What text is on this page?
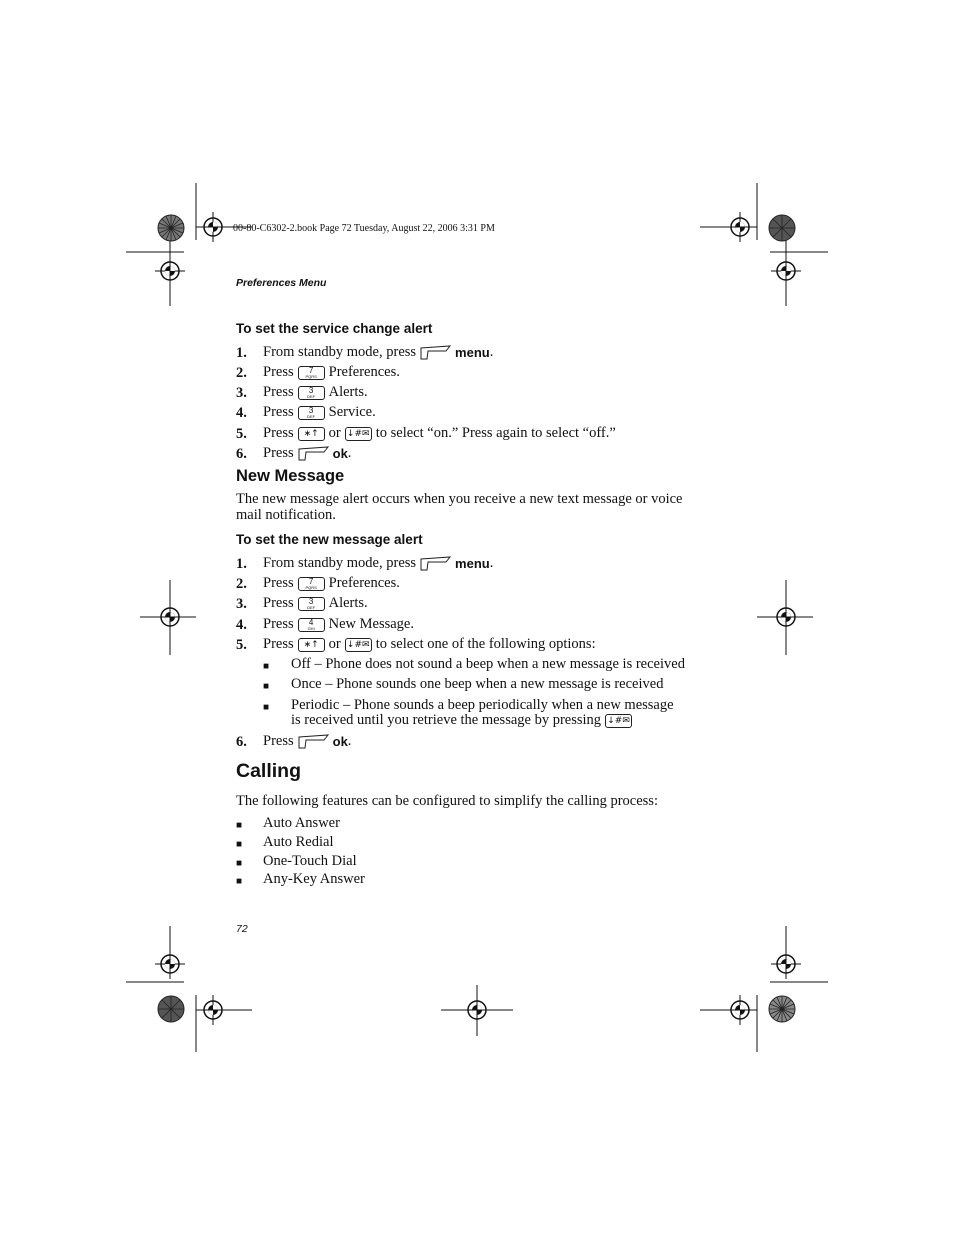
00-80-C6302-2.book Page 72 Tuesday, August 22, 2006 3:31 PM
Preferences Menu
To set the service change alert
1. From standby mode, press	menu .
2. Press	7
PQRS Preferences.
3. Press	3
DEF Alerts.
4. Press	3
DEF Service.
5. Press	∗↑ or ↓#✉ to select “on.” Press again to select “off.”
6. Press	ok .
New Message
The new message alert occurs when you receive a new text message or voice
mail notification.
To set the new message alert
1. From standby mode, press	menu .
2. Press	7
PQRS Preferences.
3. Press	3
DEF Alerts.
4. Press	4
GHI New Message.
5. Press	∗↑ or ↓#✉ to select one of the following options:
■ Off – Phone does not sound a beep when a new message is received
■ Once – Phone sounds one beep when a new message is received
■ Periodic – Phone sounds a beep periodically when a new message
is received until you retrieve the message by pressing ↓#✉
6. Press	ok .
Calling
The following features can be configured to simplify the calling process:
■ Auto Answer
■ Auto Redial
■ One-Touch Dial
■ Any-Key Answer
72
